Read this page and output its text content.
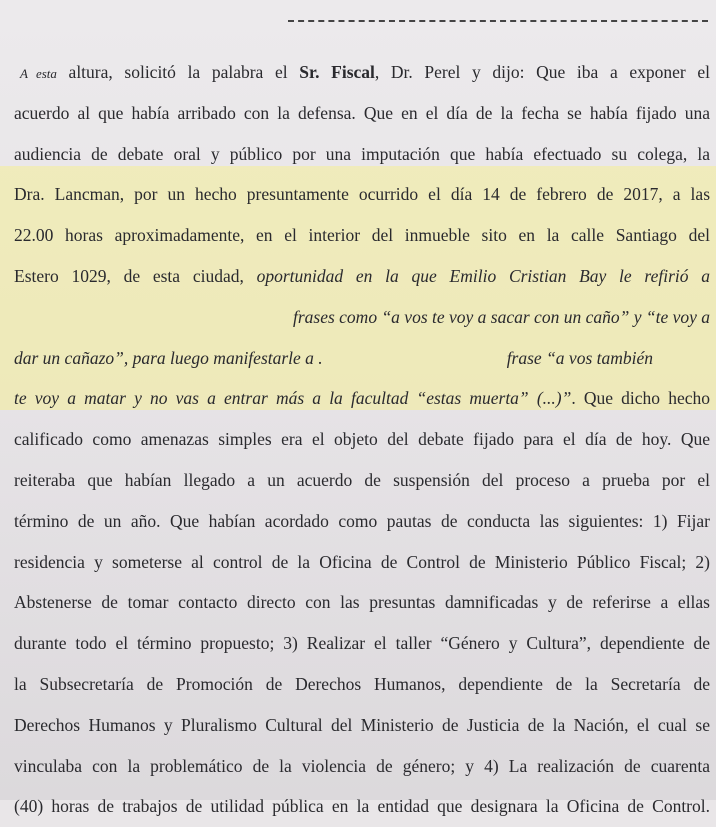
A esta altura, solicitó la palabra el Sr. Fiscal, Dr. Perel y dijo: Que iba a exponer el
acuerdo al que había arribado con la defensa. Que en el día de la fecha se había fijado una
audiencia de debate oral y público por una imputación que había efectuado su colega, la
Dra. Lancman, por un hecho presuntamente ocurrido el día 14 de febrero de 2017, a las
22.00 horas aproximadamente, en el interior del inmueble sito en la calle Santiago del
Estero 1029, de esta ciudad, oportunidad en la que Emilio Cristian Bay le refirió a
frases como “a vos te voy a sacar con un caño” y “te voy a
dar un cañazo”, para luego manifestarle a .	frase “a vos también
te voy a matar y no vas a entrar más a la facultad “estas muerta” (...)”. Que dicho hecho
calificado como amenazas simples era el objeto del debate fijado para el día de hoy. Que
reiteraba que habían llegado a un acuerdo de suspensión del proceso a prueba por el
término de un año. Que habían acordado como pautas de conducta las siguientes: 1) Fijar
residencia y someterse al control de la Oficina de Control de Ministerio Público Fiscal; 2)
Abstenerse de tomar contacto directo con las presuntas damnificadas y de referirse a ellas
durante todo el término propuesto; 3) Realizar el taller “Género y Cultura”, dependiente de
la Subsecretaría de Promoción de Derechos Humanos, dependiente de la Secretaría de
Derechos Humanos y Pluralismo Cultural del Ministerio de Justicia de la Nación, el cual se
vinculaba con la problemático de la violencia de género; y 4) La realización de cuarenta
(40) horas de trabajos de utilidad pública en la entidad que designara la Oficina de Control.
